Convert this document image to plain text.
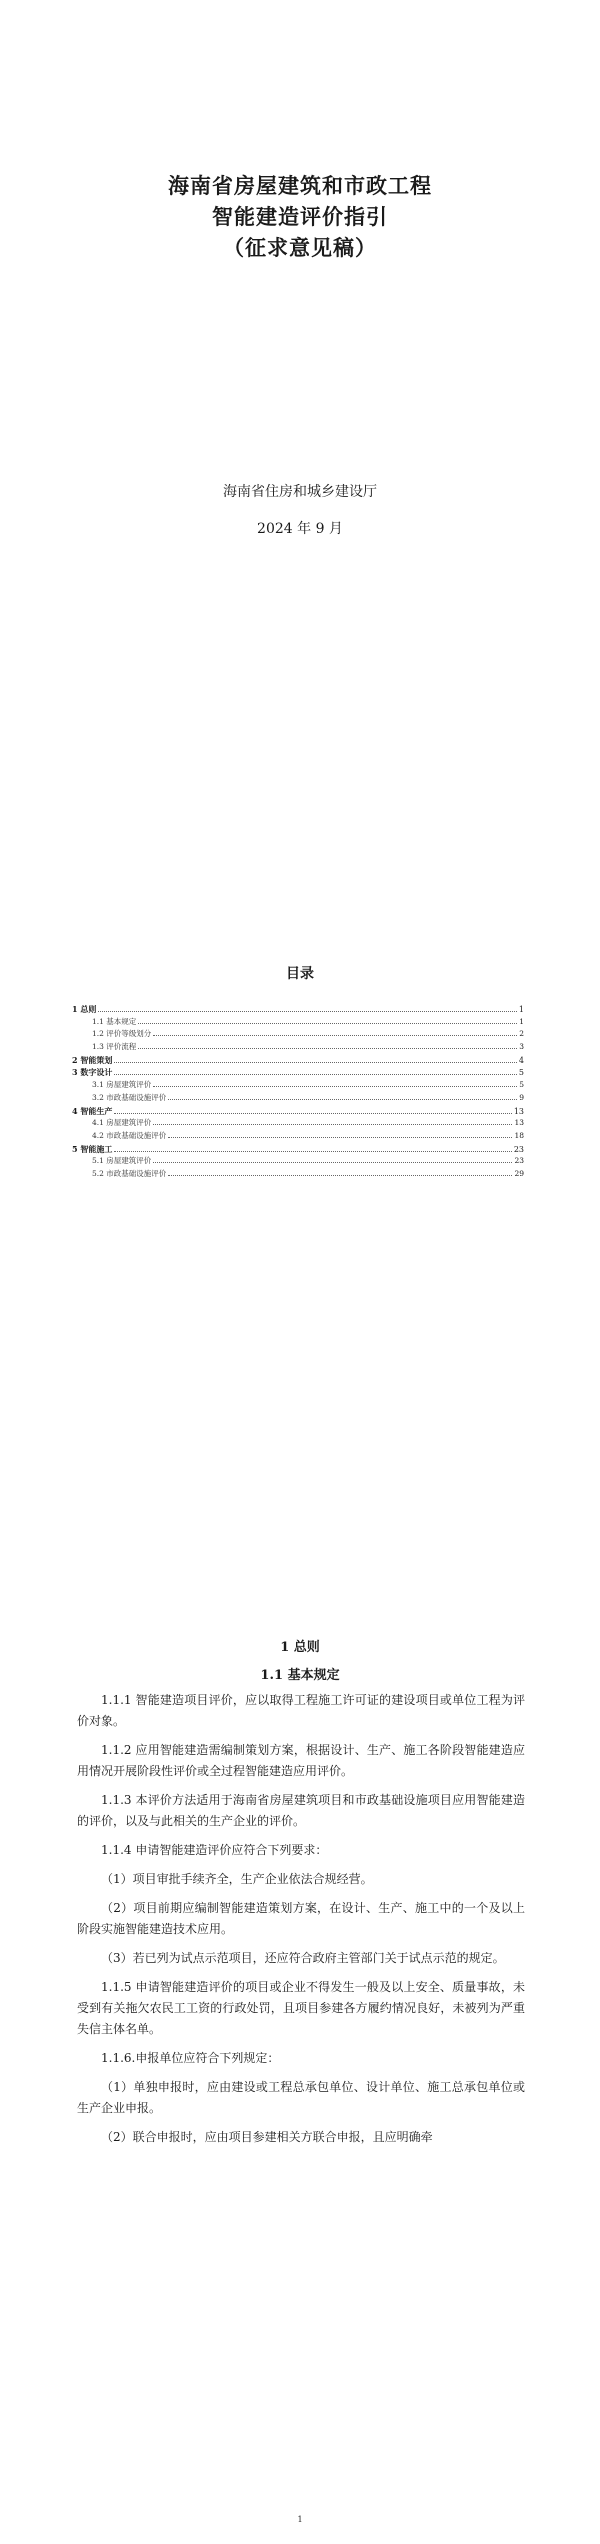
海南省房屋建筑和市政工程
智能建造评价指引
（征求意见稿）
海南省住房和城乡建设厅
2024 年 9 月
目录
1 总则	1
1.1 基本规定	1
1.2 评价等级划分	2
1.3 评价流程	3
2 智能策划	4
3 数字设计	5
3.1 房屋建筑评价	5
3.2 市政基础设施评价	9
4 智能生产	13
4.1 房屋建筑评价	13
4.2 市政基础设施评价	18
5 智能施工	23
5.1 房屋建筑评价	23
5.2 市政基础设施评价	29
1 总则
1.1 基本规定

1.1.1 智能建造项目评价，应以取得工程施工许可证的建设项目或单位工程为评价对象。

1.1.2 应用智能建造需编制策划方案，根据设计、生产、施工各阶段智能建造应用情况开展阶段性评价或全过程智能建造应用评价。

1.1.3 本评价方法适用于海南省房屋建筑项目和市政基础设施项目应用智能建造的评价，以及与此相关的生产企业的评价。

1.1.4 申请智能建造评价应符合下列要求：

（1）项目审批手续齐全，生产企业依法合规经营。

（2）项目前期应编制智能建造策划方案，在设计、生产、施工中的一个及以上阶段实施智能建造技术应用。

（3）若已列为试点示范项目，还应符合政府主管部门关于试点示范的规定。

1.1.5 申请智能建造评价的项目或企业不得发生一般及以上安全、质量事故，未受到有关拖欠农民工工资的行政处罚，且项目参建各方履约情况良好，未被列为严重失信主体名单。

1.1.6.申报单位应符合下列规定：

（1）单独申报时，应由建设或工程总承包单位、设计单位、施工总承包单位或生产企业申报。

（2）联合申报时，应由项目参建相关方联合申报，且应明确牵

1
